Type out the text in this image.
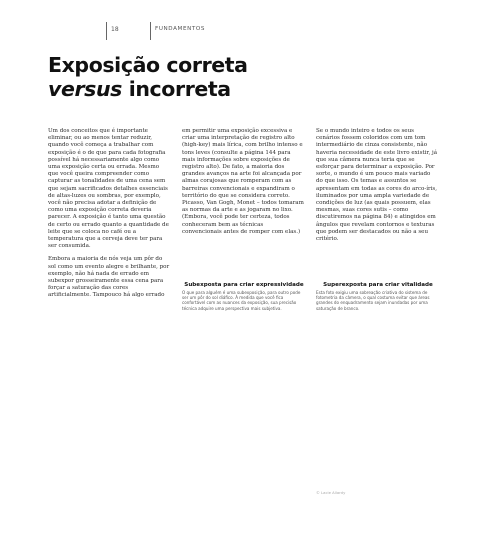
18	FUNDAMENTOS
Exposição correta
versus incorreta

Um dos conceitos que é importante eliminar, ou ao menos tentar reduzir, quando você começa a trabalhar com exposição é o de que para cada fotografia possível há necessariamente algo como uma exposição certa ou errada. Mesmo que você queira compreender como capturar as tonalidades de uma cena sem que sejam sacrificados detalhes essenciais de altas-luzes ou sombras, por exemplo, você não precisa adotar a definição de como uma exposição correta deveria parecer. A exposição é tanto uma questão de certo ou errado quanto a quantidade de leite que se coloca no café ou a temperatura que a cerveja deve ter para ser consumida.

Embora a maioria de nós veja um pôr do sol como um evento alegre e brilhante, por exemplo, não há nada de errado em subexpor grosseiramente essa cena para forçar a saturação das cores artificialmente. Tampouco há algo errado

em permitir uma exposição excessiva e criar uma interpretação de registro alto (high-key) mais lírica, com brilho intenso e tons leves (consulte a página 144 para mais informações sobre exposições de registro alto). De fato, a maioria dos grandes avanços na arte foi alcançada por almas corajosas que romperam com as barreiras convencionais e expandiram o território do que se considera correto. Picasso, Van Gogh, Monet – todos tomaram as normas da arte e as jogaram no lixo. (Embora, você pode ter certeza, todos conheceram bem as técnicas convencionais antes de romper com elas.)

Se o mundo inteiro e todos os seus cenários fossem coloridos com um tom intermediário de cinza consistente, não haveria necessidade de este livro existir, já que sua câmera nunca teria que se esforçar para determinar a exposição. Por sorte, o mundo é um pouco mais variado do que isso. Os temas e assuntos se apresentam em todas as cores do arco-íris, iluminados por uma ampla variedade de condições de luz (as quais possuem, elas mesmas, suas cores sutis – como discutiremos na página 84) e atingidos em ângulos que revelam contornos e texturas que podem ser destacados ou não a seu critério.

Subexposta para criar expressividade
O que para alguém é uma subexposição, para outro pode ser um pôr do sol diáfico. À medida que você fica confortável com as nuances da exposição, sua precisão técnica adquire uma perspectiva mais subjetiva.
Superexposta para criar vitalidade
Esta foto exigiu uma sobreação criativa do sistema de fotometria da câmera, o qual costuma evitar que áreas grandes do enquadramento sejam inundadas por uma saturação de branco.
© Lacie Allardy
